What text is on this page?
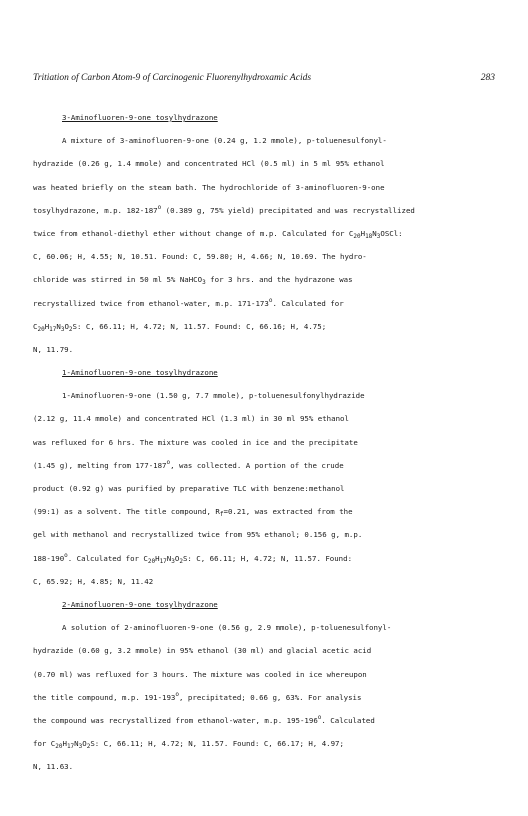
Tritiation of Carbon Atom-9 of Carcinogenic Fluorenylhydroxamic Acids	283
3-Aminofluoren-9-one tosylhydrazone
A mixture of 3-aminofluoren-9-one (0.24 g, 1.2 mmole), p-toluenesulfonyl-
hydrazide (0.26 g, 1.4 mmole) and concentrated HCl (0.5 ml) in 5 ml 95% ethanol
was heated briefly on the steam bath. The hydrochloride of 3-aminofluoren-9-one
tosylhydrazone, m.p. 182-187$^o$ (0.389 g, 75% yield) precipitated and was recrystallized
twice from ethanol-diethyl ether without change of m.p. Calculated for $C_{20}H_{18}N_3OSCl$:
C, 60.06; H, 4.55; N, 10.51. Found: C, 59.80; H, 4.66; N, 10.69. The hydro-
chloride was stirred in 50 ml 5% NaHCO$_3$ for 3 hrs. and the hydrazone was
recrystallized twice from ethanol-water, m.p. 171-173$^o$. Calculated for
$C_{20}H_{17}N_3O_2S$: C, 66.11; H, 4.72; N, 11.57. Found: C, 66.16; H, 4.75;
N, 11.79.
1-Aminofluoren-9-one tosylhydrazone
1-Aminofluoren-9-one (1.50 g, 7.7 mmole), p-toluenesulfonylhydrazide
(2.12 g, 11.4 mmole) and concentrated HCl (1.3 ml) in 30 ml 95% ethanol
was refluxed for 6 hrs. The mixture was cooled in ice and the precipitate
(1.45 g), melting from 177-187$^o$, was collected. A portion of the crude
product (0.92 g) was purified by preparative TLC with benzene:methanol
(99:1) as a solvent. The title compound, $R_f=0.21$, was extracted from the
gel with methanol and recrystallized twice from 95% ethanol; 0.156 g, m.p.
188-190$^o$. Calculated for $C_{20}H_{17}N_3O_2S$: C, 66.11; H, 4.72; N, 11.57. Found:
C, 65.92; H, 4.85; N, 11.42
2-Aminofluoren-9-one tosylhydrazone
A solution of 2-aminofluoren-9-one (0.56 g, 2.9 mmole), p-toluenesulfonyl-
hydrazide (0.60 g, 3.2 mmole) in 95% ethanol (30 ml) and glacial acetic acid
(0.70 ml) was refluxed for 3 hours. The mixture was cooled in ice whereupon
the title compound, m.p. 191-193$^o$, precipitated; 0.66 g, 63%. For analysis
the compound was recrystallized from ethanol-water, m.p. 195-196$^o$. Calculated
for $C_{20}H_{17}N_3O_2S$: C, 66.11; H, 4.72; N, 11.57. Found: C, 66.17; H, 4.97;
N, 11.63.
